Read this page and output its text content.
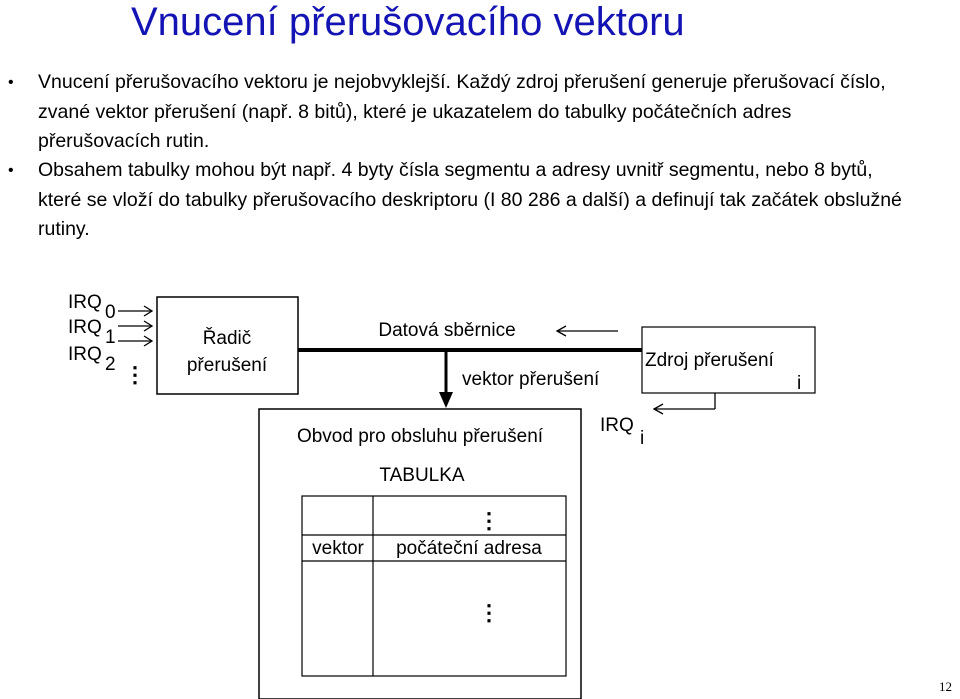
Vnucení přerušovacího vektoru
• Vnucení přerušovacího vektoru je nejobvyklejší. Každý zdroj přerušení generuje přerušovací číslo, zvané vektor přerušení (např. 8 bitů), které je ukazatelem do tabulky počátečních adres přerušovacích rutin.
• Obsahem tabulky mohou být např. 4 byty čísla segmentu a adresy uvnitř segmentu, nebo 8 bytů, které se vloží do tabulky přerušovacího deskriptoru (I 80 286 a další) a definují tak začátek obslužné rutiny.
IRQ 0
IRQ 1
IRQ 2 ⋮
Řadič
přerušení
Datová sběrnice
vektor přerušení
Zdroj přerušení
i
IRQ
i
Obvod pro obsluhu přerušení
TABULKA
⋮
vektor počáteční adresa
⋮
12
